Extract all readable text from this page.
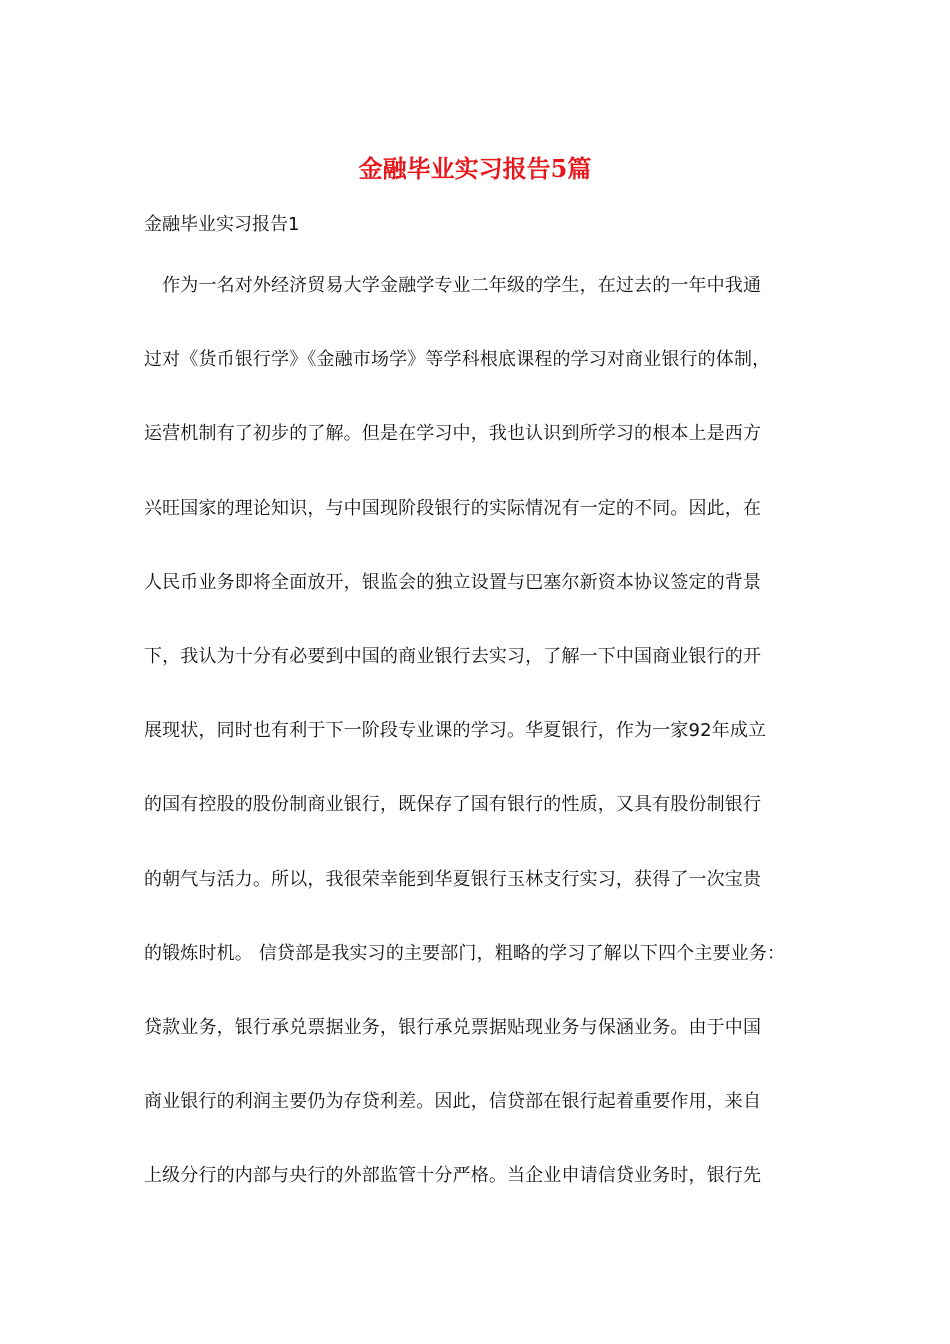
金融毕业实习报告5篇
金融毕业实习报告1
　作为一名对外经济贸易大学金融学专业二年级的学生，在过去的一年中我通
过对《货币银行学》《金融市场学》等学科根底课程的学习对商业银行的体制，
运营机制有了初步的了解。但是在学习中，我也认识到所学习的根本上是西方
兴旺国家的理论知识，与中国现阶段银行的实际情况有一定的不同。因此，在
人民币业务即将全面放开，银监会的独立设置与巴塞尔新资本协议签定的背景
下，我认为十分有必要到中国的商业银行去实习，了解一下中国商业银行的开
展现状，同时也有利于下一阶段专业课的学习。华夏银行，作为一家92年成立
的国有控股的股份制商业银行，既保存了国有银行的性质，又具有股份制银行
的朝气与活力。所以，我很荣幸能到华夏银行玉林支行实习，获得了一次宝贵
的锻炼时机。 信贷部是我实习的主要部门，粗略的学习了解以下四个主要业务：
贷款业务，银行承兑票据业务，银行承兑票据贴现业务与保涵业务。由于中国
商业银行的利润主要仍为存贷利差。因此，信贷部在银行起着重要作用，来自
上级分行的内部与央行的外部监管十分严格。当企业申请信贷业务时，银行先
